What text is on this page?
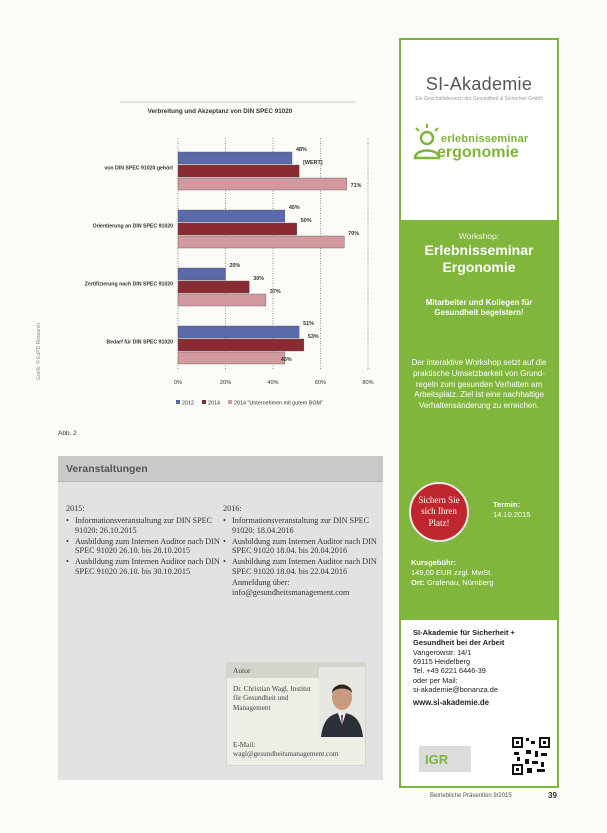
Verbreitung und Akzeptanz von DIN SPEC 91020
0%	20%	40%	60%	80%
von DIN SPEC 91020 gehört
48%
[WERT]
71%
Orientierung an DIN SPEC 91020
45%
50%
70%
Zertifizierung nach DIN SPEC 91020
20%
30%
37%
Bedarf für DIN SPEC 91020
51%
53%
45%
2012	2014	2014 "Unternehmen mit gutem BGM"
Grafik: © EuPD Research
Abb. 2
Veranstaltungen
2015:
• Informationsveranstaltung zur DIN SPEC 91020: 26.10.2015
• Ausbildung zum Internen Auditor nach DIN SPEC 91020 26.10. bis 28.10.2015
• Ausbildung zum Internen Auditor nach DIN SPEC 91020 26.10. bis 30.10.2015
2016:
• Informationsveranstaltung zur DIN SPEC 91020: 18.04.2016
• Ausbildung zum Internen Auditor nach DIN SPEC 91020 18.04. bis 20.04.2016
• Ausbildung zum Internen Auditor nach DIN SPEC 91020 18.04. bis 22.04.2016
Anmeldung über: info@gesundheitsmanagement.com
Autor
Dr. Christian Wagl, Institut für Gesundheit und Management
E-Mail:
wagl@gesundheitsmanagement.com
SI-Akademie
Ein Geschäftsbereich der Gesundheit & Sicherheit GmbH
erlebnisseminar
ergonomie
Workshop:
Erlebnisseminar Ergonomie
Mitarbeiter und Kollegen für Gesundheit begeistern!
Der interaktive Workshop setzt auf die praktische Umsetzbarkeit von Grund-regeln zum gesunden Verhalten am Arbeitsplatz. Ziel ist eine nachhaltige Verhaltensänderung zu erreichen.
Sichern Sie sich Ihren Platz!
Termin:
14.10.2015
Kursgebühr:
149,00 EUR zzgl. MwSt.
Ort: Grafenau, Nürnberg
SI-Akademie für Sicherheit + Gesundheit bei der Arbeit
Vangerowstr. 14/1
69115 Heidelberg
Tel. +49 6221 6446-39
oder per Mail:
si-akademie@bonanza.de
www.si-akademie.de
IGR
Betriebliche Prävention 9/2015	39
